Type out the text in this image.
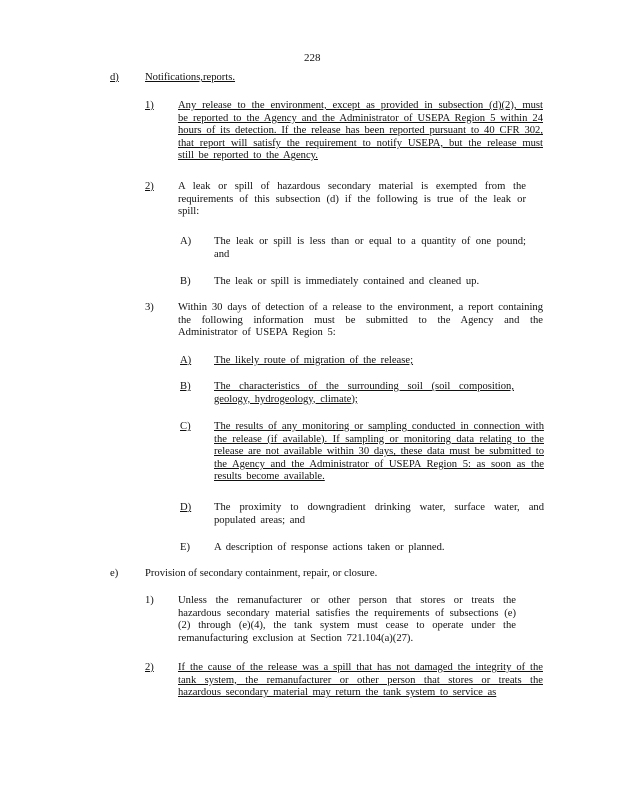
228
d) Notifications,reports.
1) Any release to the environment, except as provided in subsection (d)(2), must be reported to the Agency and the Administrator of USEPA Region 5 within 24 hours of its detection. If the release has been reported pursuant to 40 CFR 302, that report will satisfy the requirement to notify USEPA, but the release must still be reported to the Agency.
2) A leak or spill of hazardous secondary material is exempted from the requirements of this subsection (d) if the following is true of the leak or spill:
A) The leak or spill is less than or equal to a quantity of one pound; and
B) The leak or spill is immediately contained and cleaned up.
3) Within 30 days of detection of a release to the environment, a report containing the following information must be submitted to the Agency and the Administrator of USEPA Region 5:
A) The likely route of migration of the release;
B) The characteristics of the surrounding soil (soil composition, geology, hydrogeology, climate);
C) The results of any monitoring or sampling conducted in connection with the release (if available). If sampling or monitoring data relating to the release are not available within 30 days, these data must be submitted to the Agency and the Administrator of USEPA Region 5: as soon as the results become available.
D) The proximity to downgradient drinking water, surface water, and populated areas; and
E) A description of response actions taken or planned.
e)	Provision of secondary containment, repair, or closure.
1) Unless the remanufacturer or other person that stores or treats the hazardous secondary material satisfies the requirements of subsections (e)(2) through (e)(4), the tank system must cease to operate under the remanufacturing exclusion at Section 721.104(a)(27).
2) If the cause of the release was a spill that has not damaged the integrity of the tank system, the remanufacturer or other person that stores or treats the hazardous secondary material may return the tank system to service as
